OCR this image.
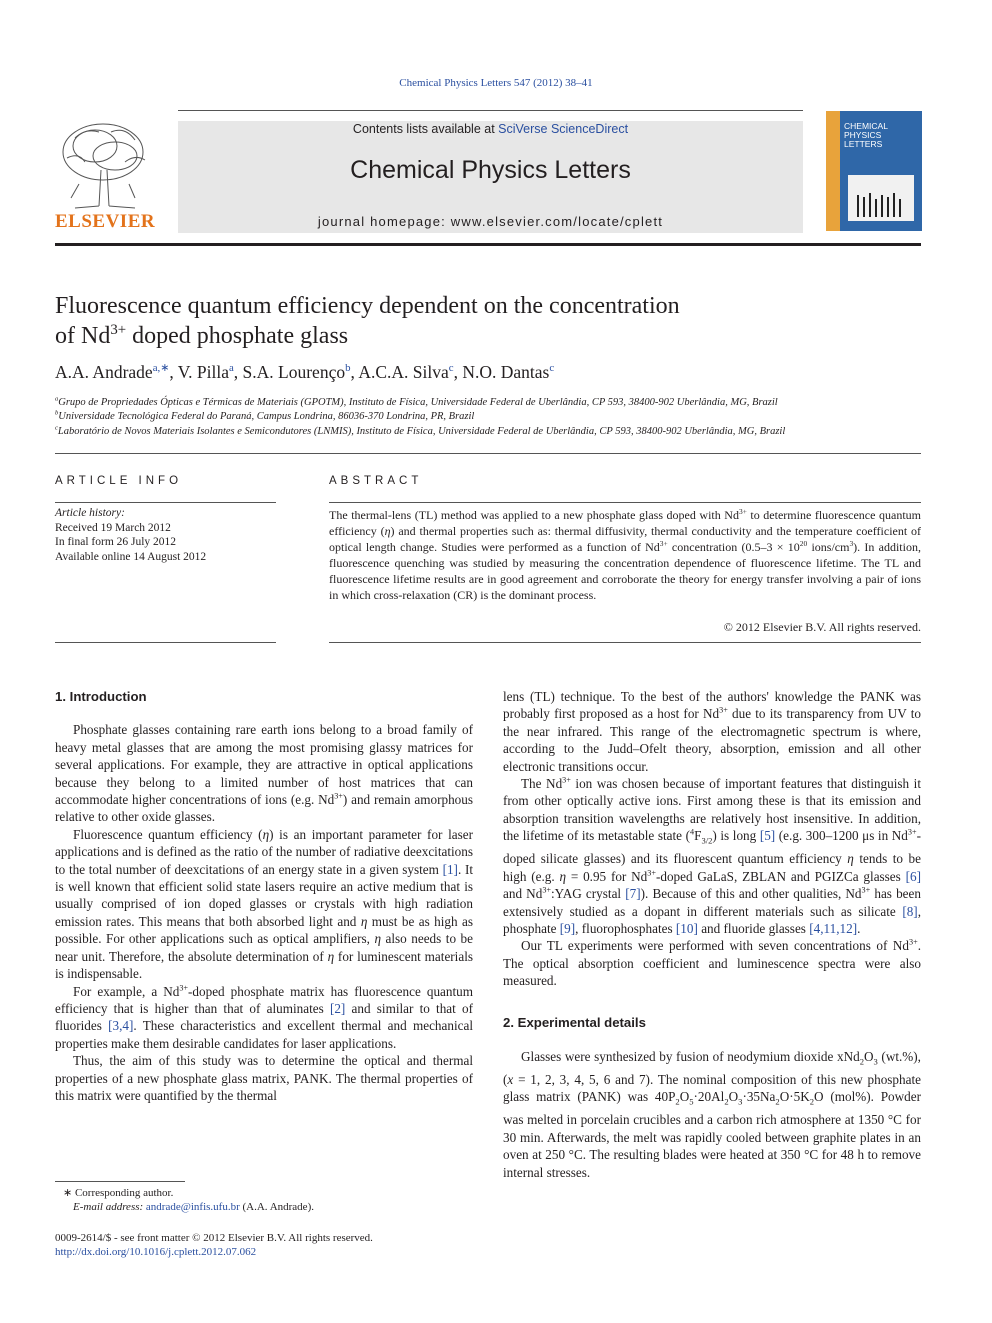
Chemical Physics Letters 547 (2012) 38–41
ELSEVIER
Contents lists available at SciVerse ScienceDirect
Chemical Physics Letters
journal homepage: www.elsevier.com/locate/cplett
CHEMICAL
PHYSICS
LETTERS
Fluorescence quantum efficiency dependent on the concentration
of $Nd^{3+}$ doped phosphate glass
A.A. Andrade$^{a,∗}$, V. Pilla$^a$, S.A. Lourenço$^b$, A.C.A. Silva$^c$, N.O. Dantas$^c$
$^a$Grupo de Propriedades Ópticas e Térmicas de Materiais (GPOTM), Instituto de Física, Universidade Federal de Uberlândia, CP 593, 38400-902 Uberlândia, MG, Brazil
$^b$Universidade Tecnológica Federal do Paraná, Campus Londrina, 86036-370 Londrina, PR, Brazil
$^c$Laboratório de Novos Materiais Isolantes e Semicondutores (LNMIS), Instituto de Física, Universidade Federal de Uberlândia, CP 593, 38400-902 Uberlândia, MG, Brazil
ARTICLE INFO
Article history:
Received 19 March 2012
In final form 26 July 2012
Available online 14 August 2012
ABSTRACT
The thermal-lens (TL) method was applied to a new phosphate glass doped with $Nd^{3+}$ to determine fluorescence quantum efficiency (η) and thermal properties such as: thermal diffusivity, thermal conductivity and the temperature coefficient of optical length change. Studies were performed as a function of $Nd^{3+}$ concentration ($0.5-3 \times 10^{20}$ ions/$cm^3$). In addition, fluorescence quenching was studied by measuring the concentration dependence of fluorescence lifetime. The TL and fluorescence lifetime results are in good agreement and corroborate the theory for energy transfer involving a pair of ions in which cross-relaxation (CR) is the dominant process.
© 2012 Elsevier B.V. All rights reserved.
1. Introduction

Phosphate glasses containing rare earth ions belong to a broad family of heavy metal glasses that are among the most promising glassy matrices for several applications. For example, they are attractive in optical applications because they belong to a limited number of host matrices that can accommodate higher concentrations of ions (e.g. $Nd^{3+}$) and remain amorphous relative to other oxide glasses.

Fluorescence quantum efficiency (η) is an important parameter for laser applications and is defined as the ratio of the number of radiative deexcitations to the total number of deexcitations of an energy state in a given system [1]. It is well known that efficient solid state lasers require an active medium that is usually comprised of ion doped glasses or crystals with high radiation emission rates. This means that both absorbed light and η must be as high as possible. For other applications such as optical amplifiers, η also needs to be near unit. Therefore, the absolute determination of η for luminescent materials is indispensable.

For example, a $Nd^{3+}$-doped phosphate matrix has fluorescence quantum efficiency that is higher than that of aluminates [2] and similar to that of fluorides [3,4]. These characteristics and excellent thermal and mechanical properties make them desirable candidates for laser applications.

Thus, the aim of this study was to determine the optical and thermal properties of a new phosphate glass matrix, PANK. The thermal properties of this matrix were quantified by the thermal

lens (TL) technique. To the best of the authors' knowledge the PANK was probably first proposed as a host for $Nd^{3+}$ due to its transparency from UV to the near infrared. This range of the electromagnetic spectrum is where, according to the Judd–Ofelt theory, absorption, emission and all other electronic transitions occur.

The $Nd^{3+}$ ion was chosen because of important features that distinguish it from other optically active ions. First among these is that its emission and absorption transition wavelengths are relatively host insensitive. In addition, the lifetime of its metastable state $(^4F_{3/2})$ is long [5] (e.g. 300–1200 μs in $Nd^{3+}$-doped silicate glasses) and its fluorescent quantum efficiency η tends to be high (e.g. η = 0.95 for $Nd^{3+}$-doped GaLaS, ZBLAN and PGIZCa glasses [6] and $Nd^{3+}:YAG$ crystal [7]). Because of this and other qualities, $Nd^{3+}$ has been extensively studied as a dopant in different materials such as silicate [8], phosphate [9], fluorophosphates [10] and fluoride glasses [4,11,12].

Our TL experiments were performed with seven concentrations of $Nd^{3+}$. The optical absorption coefficient and luminescence spectra were also measured.

2. Experimental details

Glasses were synthesized by fusion of neodymium dioxide $xNd_2O_3$ (wt.%), (x = 1, 2, 3, 4, 5, 6 and 7). The nominal composition of this new phosphate glass matrix (PANK) was $40P_2O_5\cdot 20Al_2O_3\cdot 35Na_2O\cdot 5K_2O$ (mol%). Powder was melted in porcelain crucibles and a carbon rich atmosphere at 1350 °C for 30 min. Afterwards, the melt was rapidly cooled between graphite plates in an oven at 250 °C. The resulting blades were heated at 350 °C for 48 h to remove internal stresses.

∗ Corresponding author.
E-mail address: andrade@infis.ufu.br (A.A. Andrade).
0009-2614/$ - see front matter © 2012 Elsevier B.V. All rights reserved.
http://dx.doi.org/10.1016/j.cplett.2012.07.062
